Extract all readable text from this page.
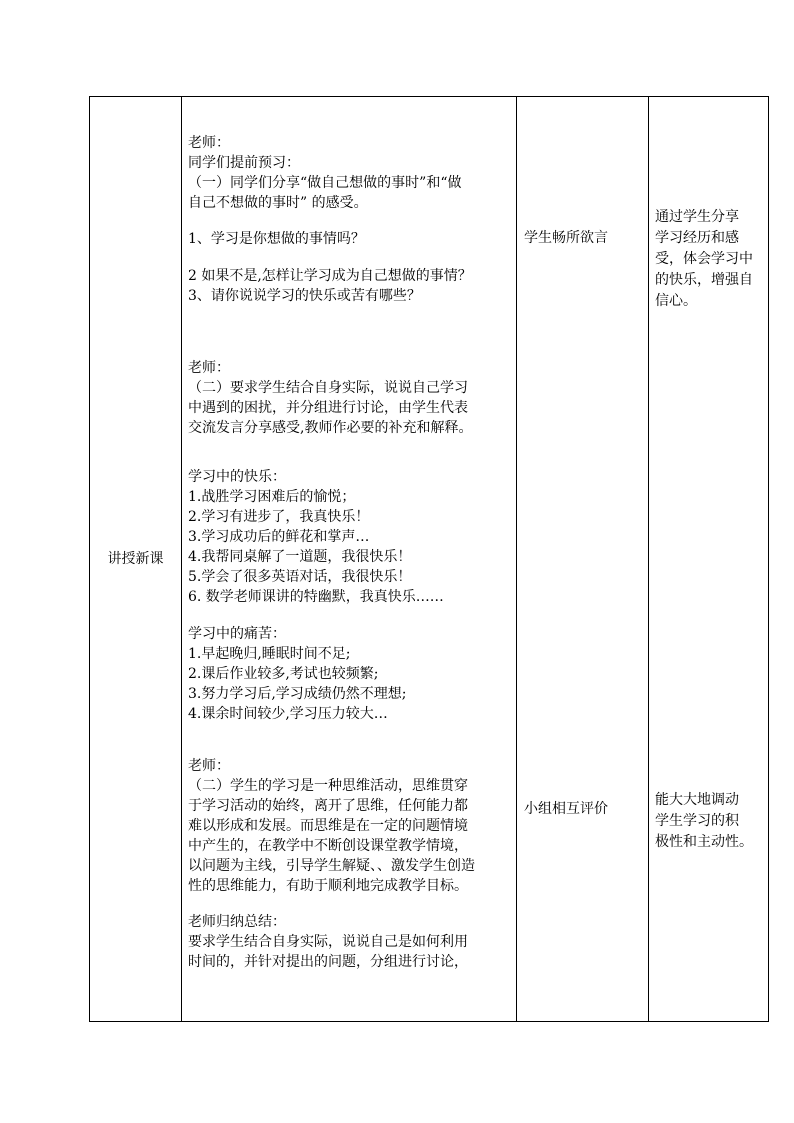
讲授新课
老师：
同学们提前预习：
（一）同学们分享“做自己想做的事时”和“做
自己不想做的事时” 的感受。
1、学习是你想做的事情吗？
2 如果不是,怎样让学习成为自己想做的事情？
3、请你说说学习的快乐或苦有哪些？
老师：
（二）要求学生结合自身实际，说说自己学习
中遇到的困扰，并分组进行讨论，由学生代表
交流发言分享感受,教师作必要的补充和解释。
学习中的快乐：
1.战胜学习困难后的愉悦；
2.学习有进步了，我真快乐！
3.学习成功后的鲜花和掌声…
4.我帮同桌解了一道题，我很快乐！
5.学会了很多英语对话，我很快乐！
6. 数学老师课讲的特幽默，我真快乐……
学习中的痛苦：
1.早起晚归,睡眠时间不足;
2.课后作业较多,考试也较频繁;
3.努力学习后,学习成绩仍然不理想;
4.课余时间较少,学习压力较大…
老师：
（二）学生的学习是一种思维活动，思维贯穿
于学习活动的始终，离开了思维，任何能力都
难以形成和发展。而思维是在一定的问题情境
中产生的，在教学中不断创设课堂教学情境，
以问题为主线，引导学生解疑、、激发学生创造
性的思维能力，有助于顺利地完成教学目标。
老师归纳总结：
要求学生结合自身实际，说说自己是如何利用
时间的，并针对提出的问题，分组进行讨论，
学生畅所欲言
小组相互评价
通过学生分享
学习经历和感
受，体会学习中
的快乐，增强自
信心。
能大大地调动
学生学习的积
极性和主动性。
